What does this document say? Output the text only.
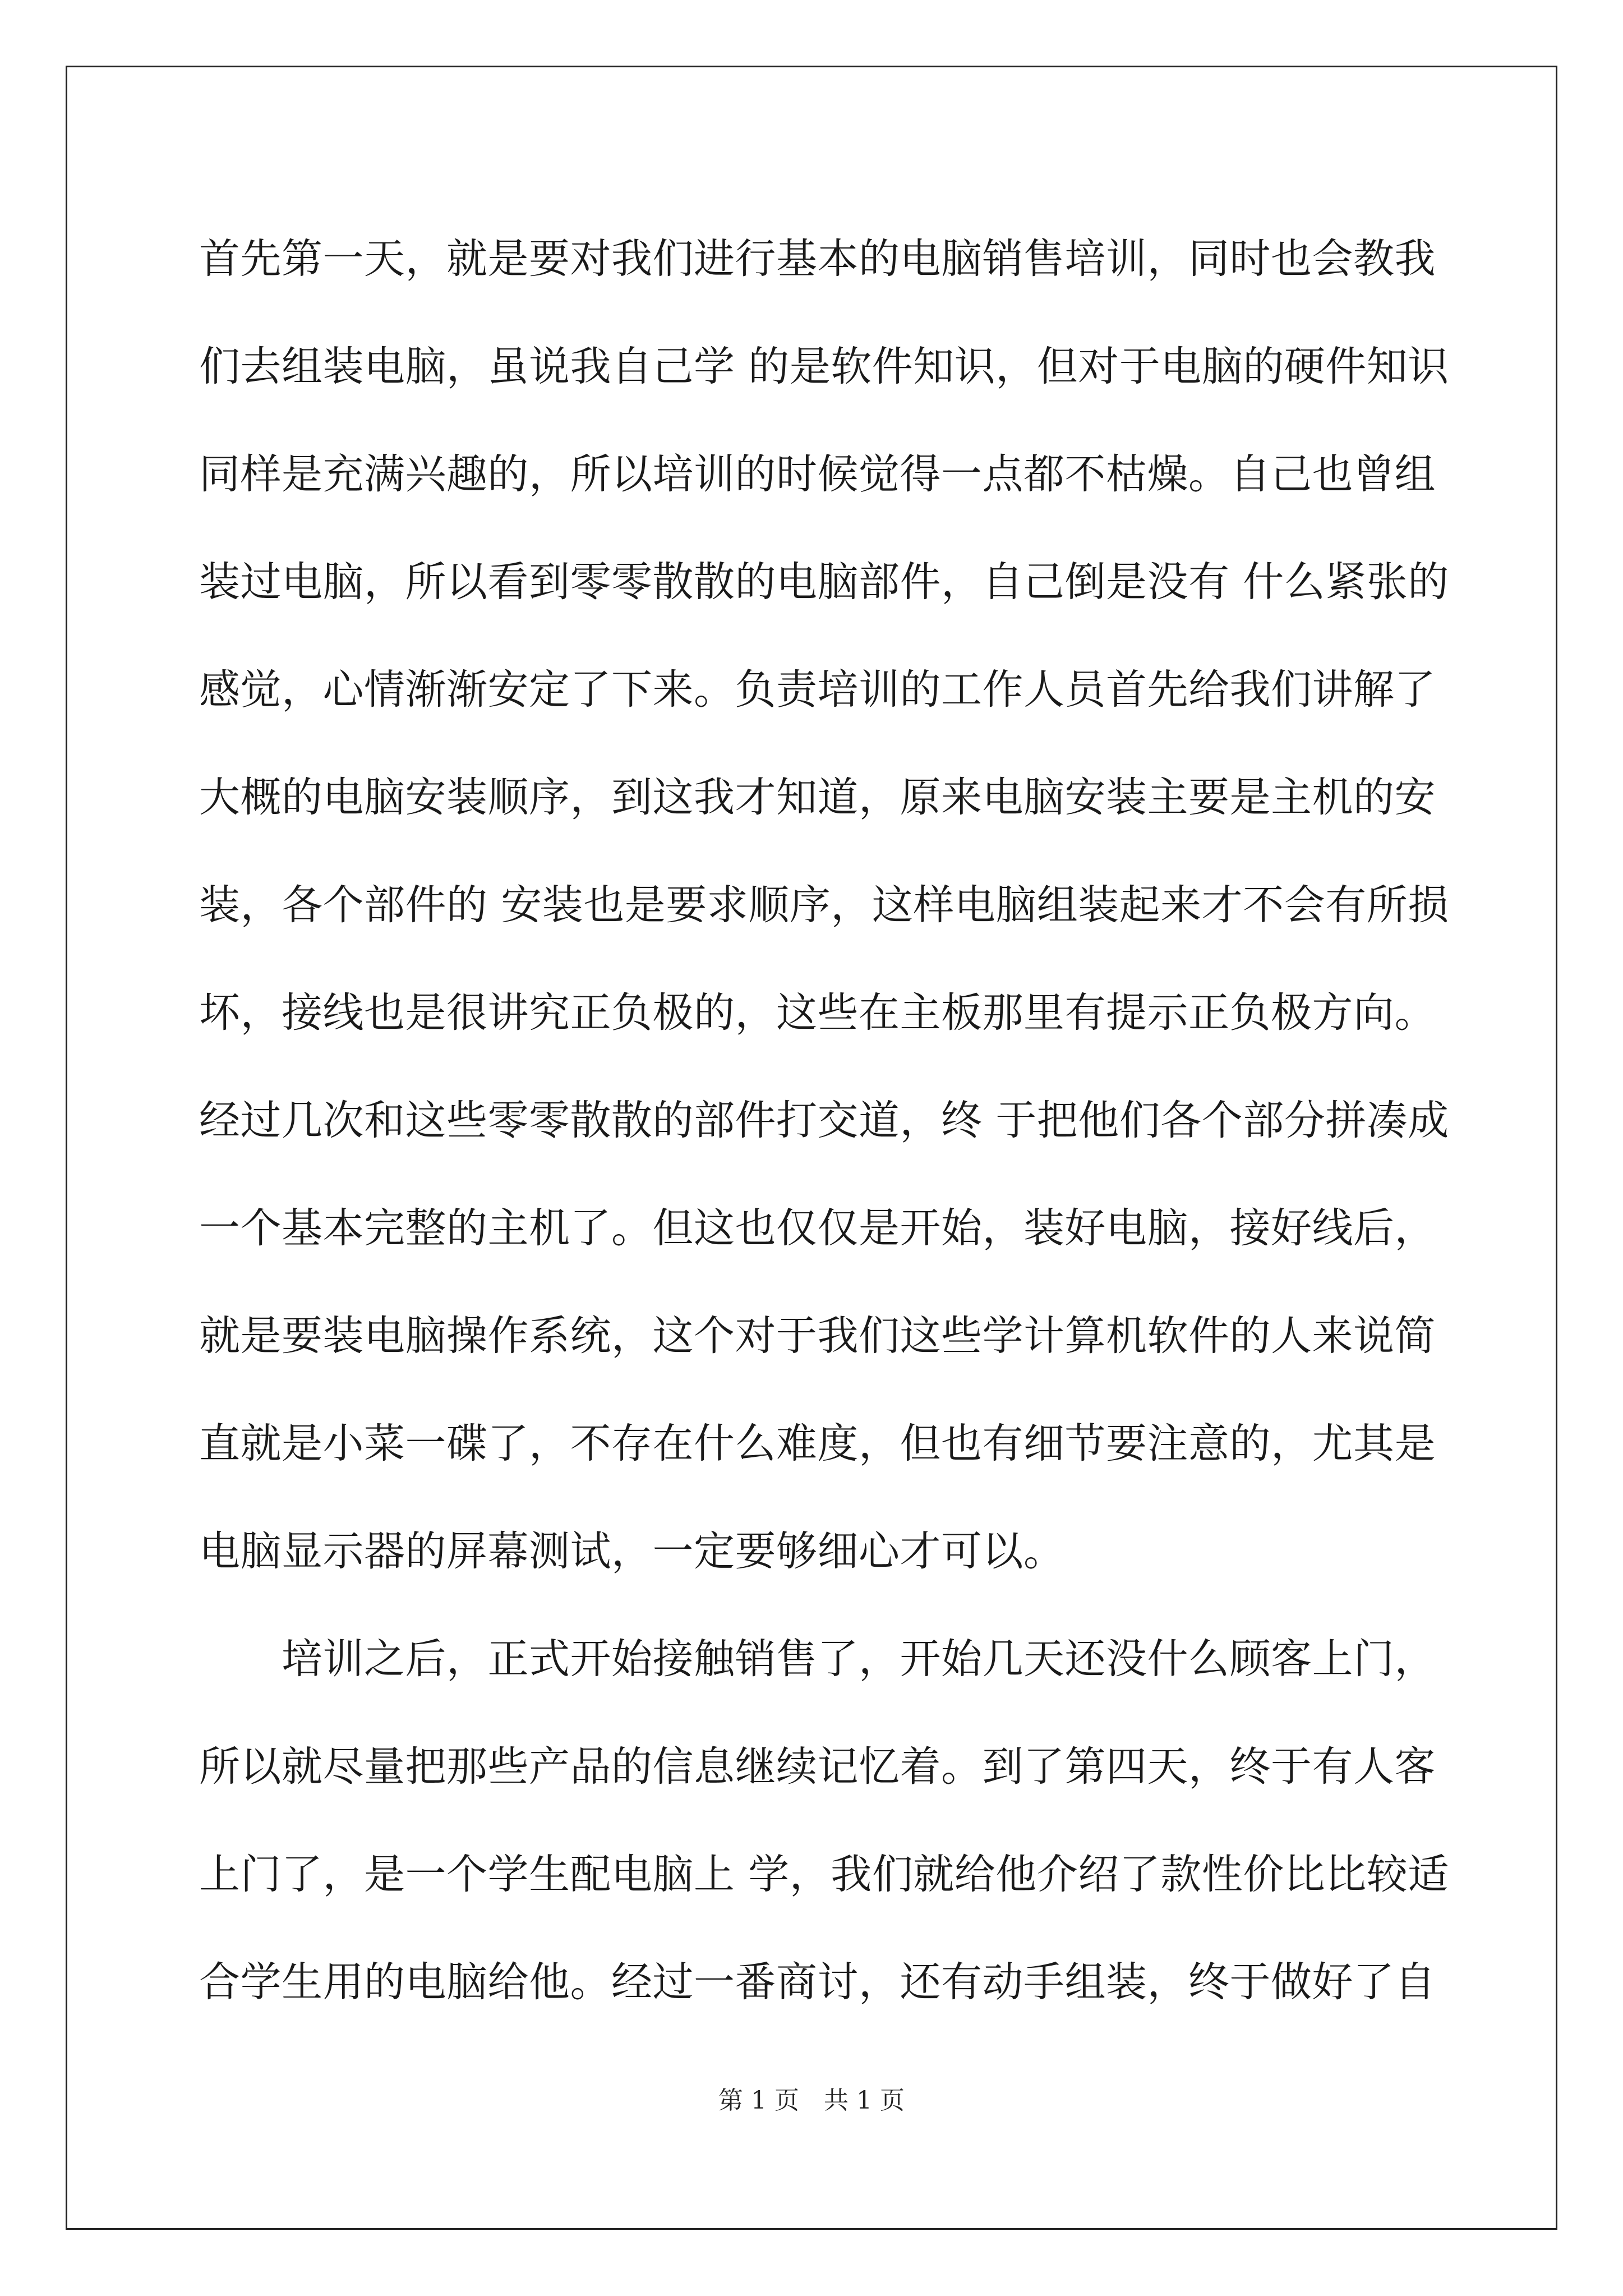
首先第一天，就是要对我们进行基本的电脑销售培训，同时也会教我
们去组装电脑，虽说我自己学 的是软件知识，但对于电脑的硬件知识
同样是充满兴趣的，所以培训的时候觉得一点都不枯燥。自己也曾组
装过电脑，所以看到零零散散的电脑部件，自己倒是没有 什么紧张的
感觉，心情渐渐安定了下来。负责培训的工作人员首先给我们讲解了
大概的电脑安装顺序，到这我才知道，原来电脑安装主要是主机的安
装，各个部件的 安装也是要求顺序，这样电脑组装起来才不会有所损
坏，接线也是很讲究正负极的，这些在主板那里有提示正负极方向。
经过几次和这些零零散散的部件打交道，终 于把他们各个部分拼凑成
一个基本完整的主机了。但这也仅仅是开始，装好电脑，接好线后，
就是要装电脑操作系统，这个对于我们这些学计算机软件的人来说简
直就是小菜一碟了，不存在什么难度，但也有细节要注意的，尤其是
电脑显示器的屏幕测试，一定要够细心才可以。
　　培训之后，正式开始接触销售了，开始几天还没什么顾客上门，
所以就尽量把那些产品的信息继续记忆着。到了第四天，终于有人客
上门了，是一个学生配电脑上 学，我们就给他介绍了款性价比比较适
合学生用的电脑给他。经过一番商讨，还有动手组装，终于做好了自
第 1 页　共 1 页
